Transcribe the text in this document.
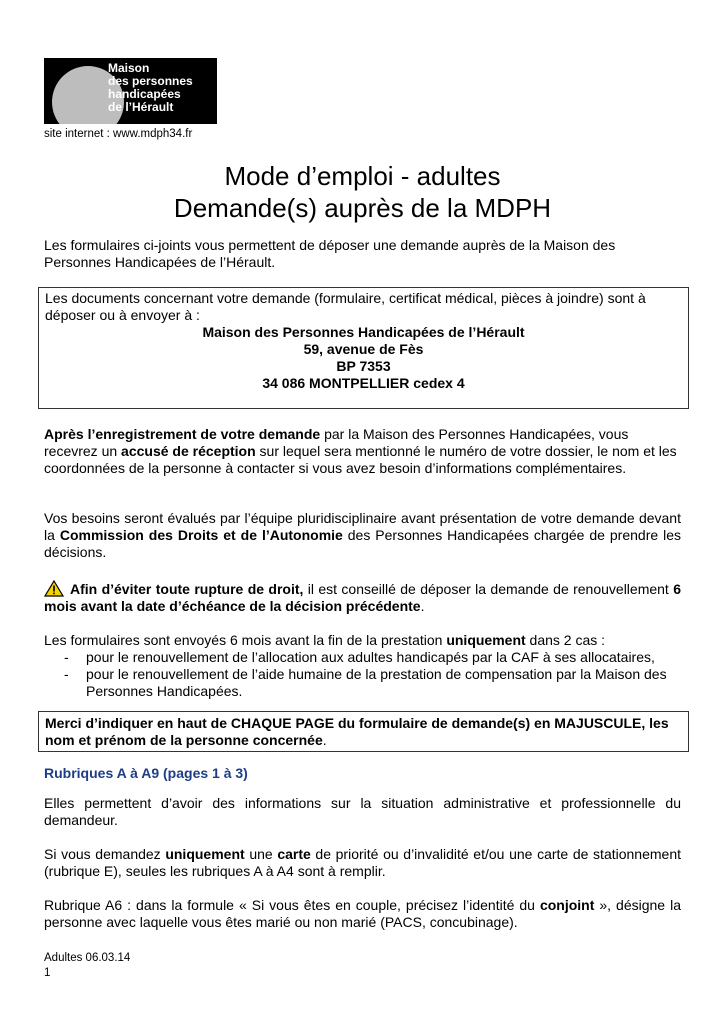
Maison
des personnes
handicapées
de l’Hérault
site internet : www.mdph34.fr
Mode d’emploi - adultes
Demande(s) auprès de la MDPH
Les formulaires ci-joints vous permettent de déposer une demande auprès de la Maison des Personnes Handicapées de l’Hérault.
Les documents concernant votre demande (formulaire, certificat médical, pièces à joindre) sont à déposer ou à envoyer à :
Maison des Personnes Handicapées de l’Hérault
59, avenue de Fès
BP 7353
34 086 MONTPELLIER cedex 4
Après l’enregistrement de votre demande par la Maison des Personnes Handicapées, vous recevrez un accusé de réception sur lequel sera mentionné le numéro de votre dossier, le nom et les coordonnées de la personne à contacter si vous avez besoin d’informations complémentaires.
Vos besoins seront évalués par l’équipe pluridisciplinaire avant présentation de votre demande devant la Commission des Droits et de l’Autonomie des Personnes Handicapées chargée de prendre les décisions.
Afin d’éviter toute rupture de droit, il est conseillé de déposer la demande de renouvellement 6 mois avant la date d’échéance de la décision précédente.
Les formulaires sont envoyés 6 mois avant la fin de la prestation uniquement dans 2 cas :
- pour le renouvellement de l’allocation aux adultes handicapés par la CAF à ses allocataires,
- pour le renouvellement de l’aide humaine de la prestation de compensation par la Maison des Personnes Handicapées.
Merci d’indiquer en haut de CHAQUE PAGE du formulaire de demande(s) en MAJUSCULE, les nom et prénom de la personne concernée.
Rubriques A à A9 (pages 1 à 3)
Elles permettent d’avoir des informations sur la situation administrative et professionnelle du demandeur.
Si vous demandez uniquement une carte de priorité ou d’invalidité et/ou une carte de stationnement (rubrique E), seules les rubriques A à A4 sont à remplir.
Rubrique A6 : dans la formule « Si vous êtes en couple, précisez l’identité du conjoint », désigne la personne avec laquelle vous êtes marié ou non marié (PACS, concubinage).
Adultes 06.03.14
1
